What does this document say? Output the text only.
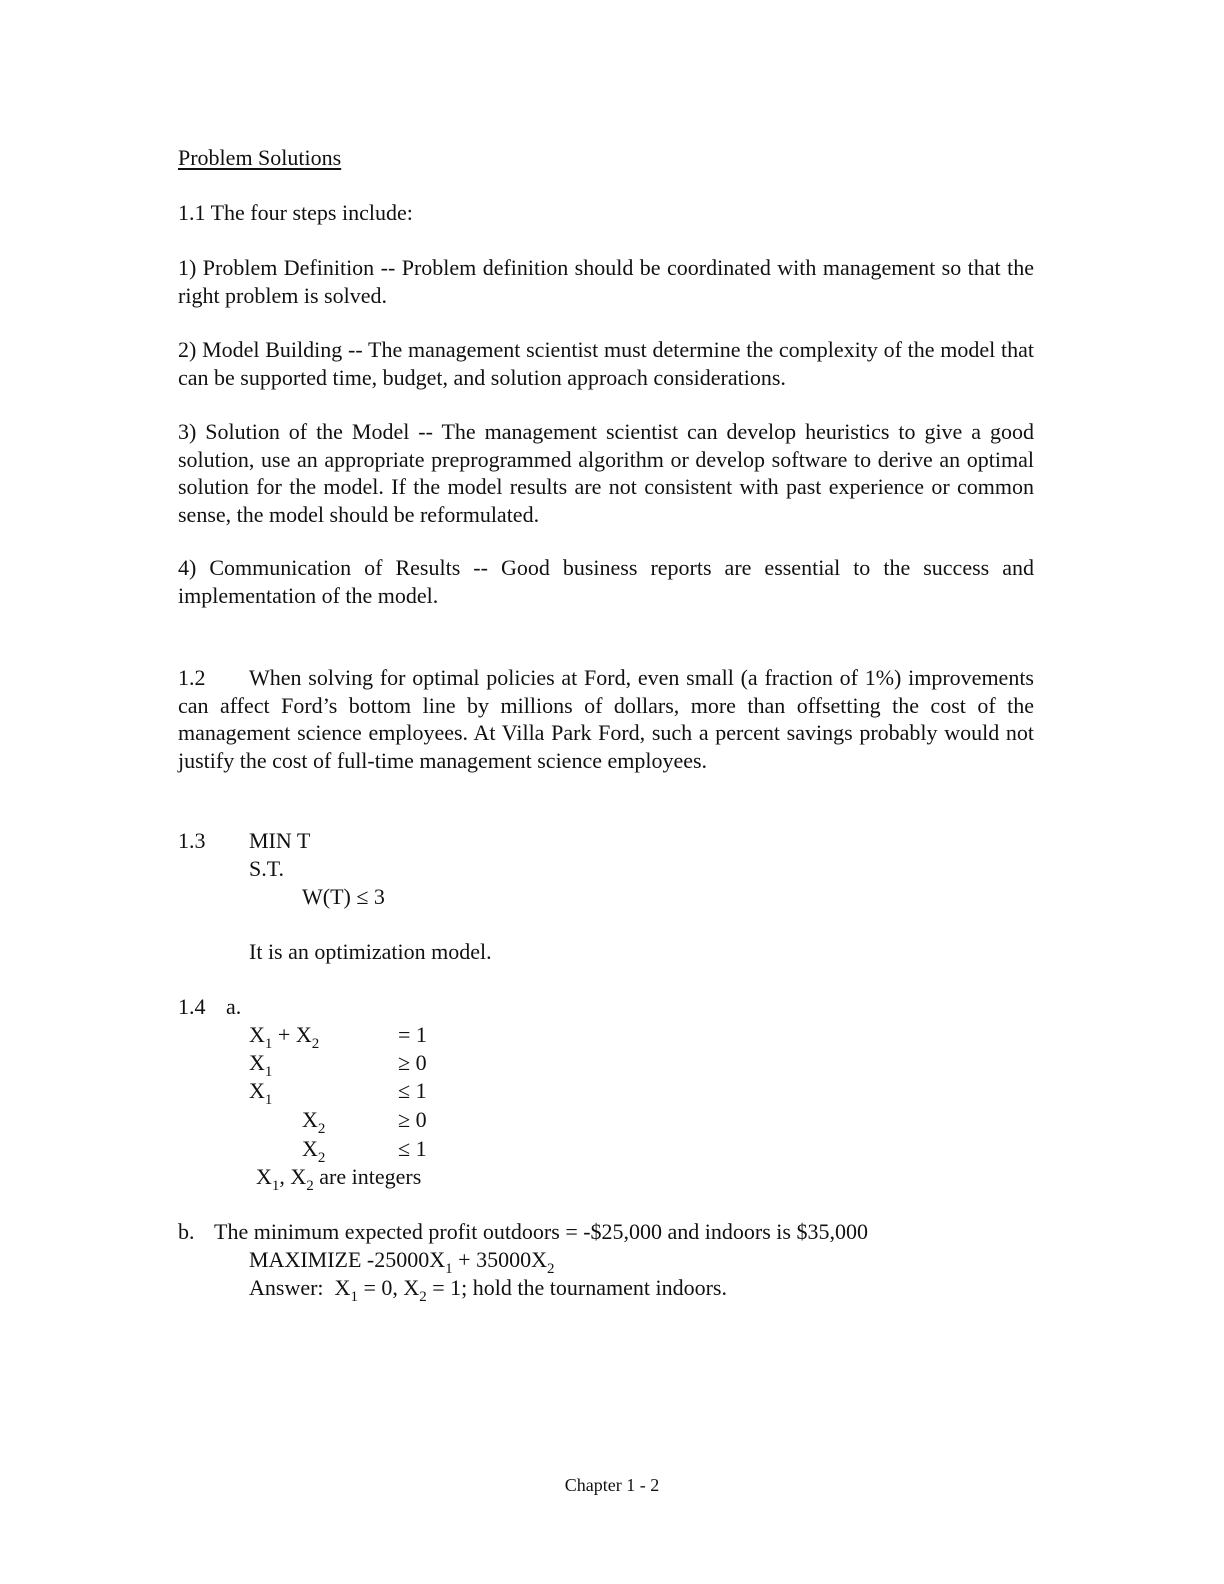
Problem Solutions
1.1 The four steps include:
1) Problem Definition -- Problem definition should be coordinated with management so that the right problem is solved.
2) Model Building -- The management scientist must determine the complexity of the model that can be supported time, budget, and solution approach considerations.
3) Solution of the Model -- The management scientist can develop heuristics to give a good solution, use an appropriate preprogrammed algorithm or develop software to derive an optimal solution for the model. If the model results are not consistent with past experience or common sense, the model should be reformulated.
4) Communication of Results -- Good business reports are essential to the success and implementation of the model.
1.2 When solving for optimal policies at Ford, even small (a fraction of 1%) improvements can affect Ford’s bottom line by millions of dollars, more than offsetting the cost of the management science employees. At Villa Park Ford, such a percent savings probably would not justify the cost of full-time management science employees.
1.3 MIN T
S.T.
W(T) ≤ 3
It is an optimization model.
1.4 a.
$X_1 + X_2$	= 1
$X_1$	≥ 0
$X_1$	≤ 1
$X_2$	≥ 0
$X_2$	≤ 1
$X_1$, $X_2$ are integers
b. The minimum expected profit outdoors = -$25,000 and indoors is $35,000
MAXIMIZE $-25000X_1 + 35000X_2$
Answer:  $X_1 = 0$, $X_2 = 1$; hold the tournament indoors.
Chapter 1 - 2
